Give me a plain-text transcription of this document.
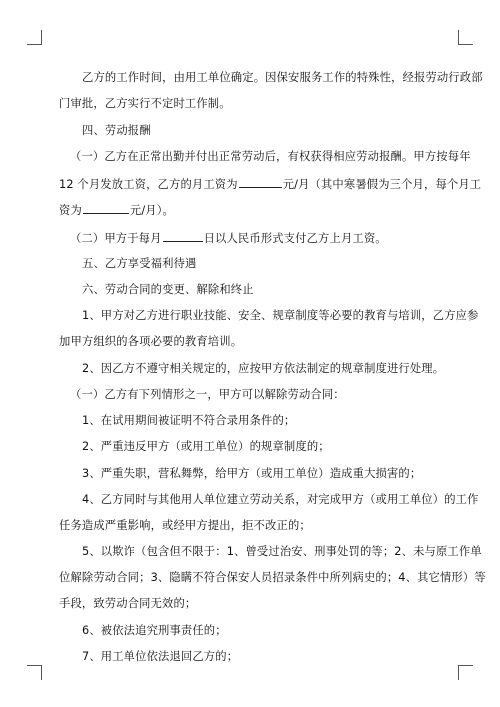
乙方的工作时间，由用工单位确定。因保安服务工作的特殊性，经报劳动行政部
门审批，乙方实行不定时工作制。
四、劳动报酬
（一）乙方在正常出勤并付出正常劳动后，有权获得相应劳动报酬。甲方按每年
12 个月发放工资，乙方的月工资为	元/月（其中寒暑假为三个月，每个月工
资为	元/月）。
（二）甲方于每月	日以人民币形式支付乙方上月工资。
五、乙方享受福利待遇
六、劳动合同的变更、解除和终止
1、甲方对乙方进行职业技能、安全、规章制度等必要的教育与培训，乙方应参
加甲方组织的各项必要的教育培训。
2、因乙方不遵守相关规定的，应按甲方依法制定的规章制度进行处理。
（一）乙方有下列情形之一，甲方可以解除劳动合同：
1、在试用期间被证明不符合录用条件的；
2、严重违反甲方（或用工单位）的规章制度的；
3、严重失职，营私舞弊，给甲方（或用工单位）造成重大损害的；
4、乙方同时与其他用人单位建立劳动关系，对完成甲方（或用工单位）的工作
任务造成严重影响，或经甲方提出，拒不改正的；
5、以欺诈（包含但不限于：1、曾受过治安、刑事处罚的等；2、未与原工作单
位解除劳动合同；3、隐瞒不符合保安人员招录条件中所列病史的；4、其它情形）等
手段，致劳动合同无效的；
6、被依法追究刑事责任的；
7、用工单位依法退回乙方的；
